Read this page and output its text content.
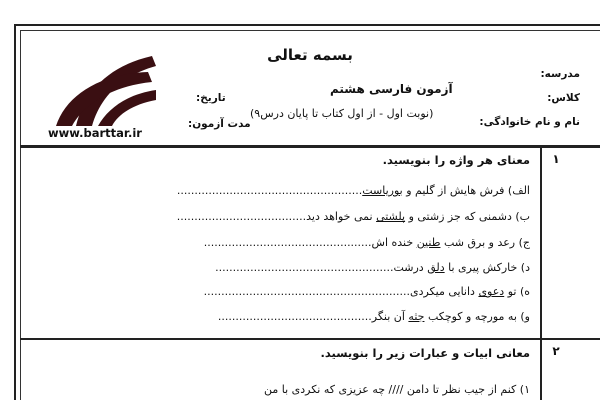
بسمه تعالی
آزمون فارسی هشتم
(نوبت اول - از اول کتاب تا پایان درس۹)
مدرسه:
کلاس:
نام و نام خانوادگی:
تاریخ:
مدت آزمون:
www.barttar.ir
۱
معنای هر واژه را بنویسید.
الف) فرش هایش از گلیم و بوریاست.....................................................
ب) دشمنی که جز زشتی و پلشتی نمی خواهد دید.....................................
ج) رعد و برق شب طنین خنده اش................................................
د) خارکش پیری با دلق درشت...................................................
ه) تو دعوی دانایی میکردی...........................................................
و) به مورچه و کوچکب جثه آن بنگر............................................
۲
معانی ابیات و عبارات زیر را بنویسید.
۱) کنم از جیب نظر تا دامن //// چه عزیزی که نکردی با من
